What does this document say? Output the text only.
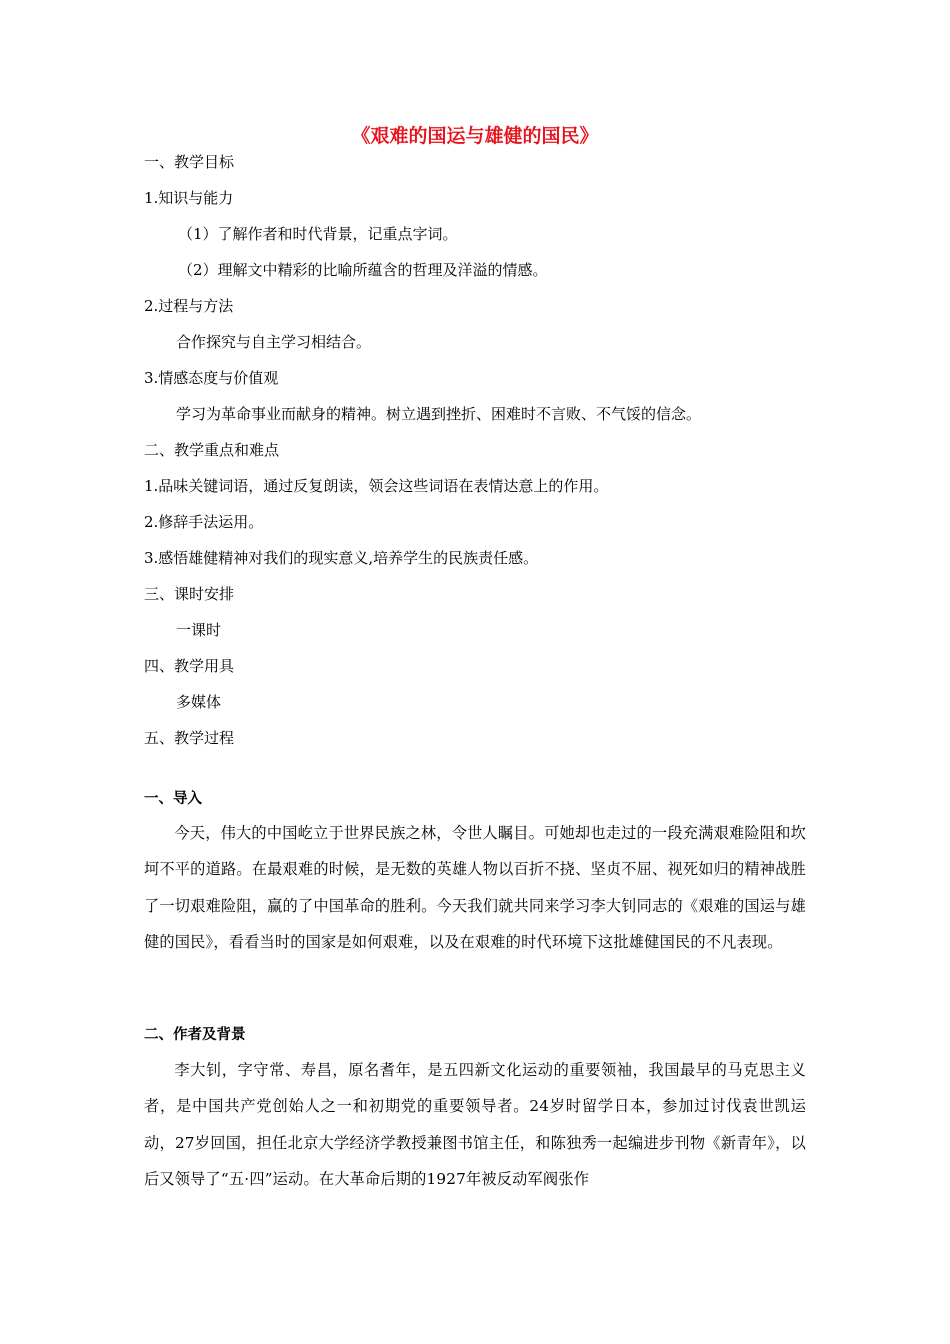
《艰难的国运与雄健的国民》

一、教学目标

1.知识与能力

（1）了解作者和时代背景，记重点字词。

（2）理解文中精彩的比喻所蕴含的哲理及洋溢的情感。

2.过程与方法

合作探究与自主学习相结合。

3.情感态度与价值观

学习为革命事业而献身的精神。树立遇到挫折、困难时不言败、不气馁的信念。

二、教学重点和难点

1.品味关键词语，通过反复朗读，领会这些词语在表情达意上的作用。

2.修辞手法运用。

3.感悟雄健精神对我们的现实意义,培养学生的民族责任感。

三、课时安排

一课时

四、教学用具

多媒体

五、教学过程

一、导入

今天，伟大的中国屹立于世界民族之林，令世人瞩目。可她却也走过的一段充满艰难险阻和坎坷不平的道路。在最艰难的时候，是无数的英雄人物以百折不挠、坚贞不屈、视死如归的精神战胜了一切艰难险阻，赢的了中国革命的胜利。今天我们就共同来学习李大钊同志的《艰难的国运与雄健的国民》，看看当时的国家是如何艰难，以及在艰难的时代环境下这批雄健国民的不凡表现。

二、作者及背景

李大钊，字守常、寿昌，原名耆年，是五四新文化运动的重要领袖，我国最早的马克思主义者，是中国共产党创始人之一和初期党的重要领导者。24岁时留学日本，参加过讨伐袁世凯运动，27岁回国，担任北京大学经济学教授兼图书馆主任，和陈独秀一起编进步刊物《新青年》，以后又领导了“五·四”运动。在大革命后期的1927年被反动军阀张作
